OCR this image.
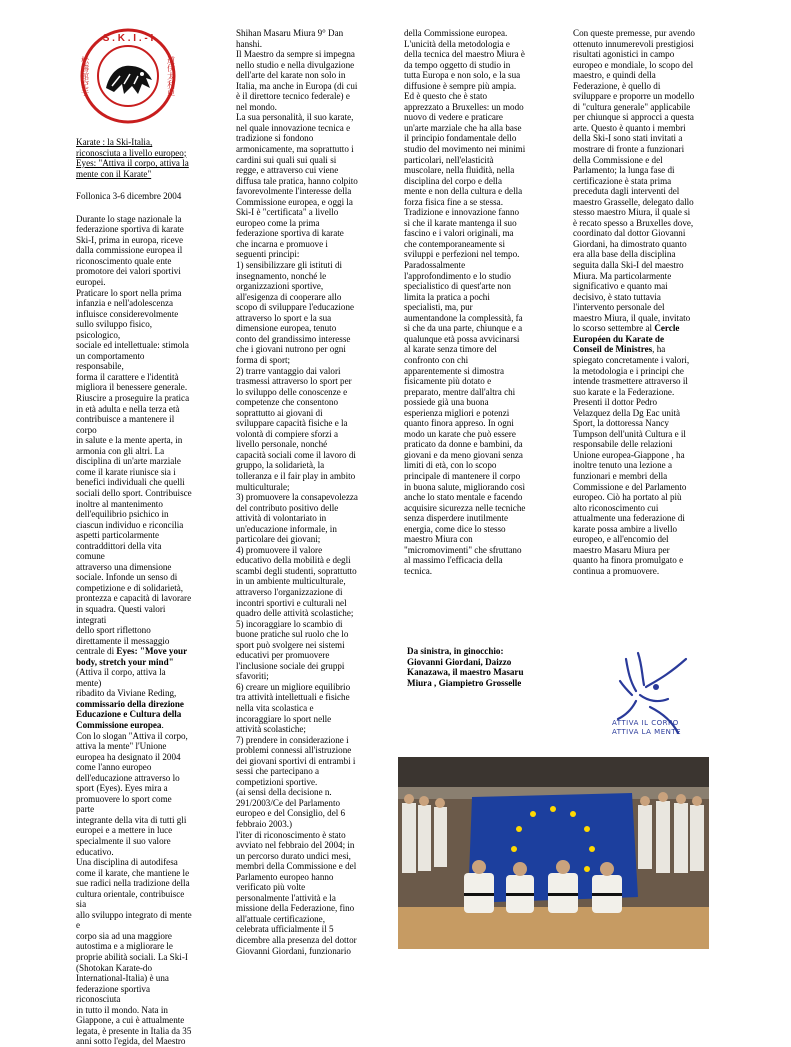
S . K . I . - I
松濤館空手	道伊太利亜
Karate : la Ski-Italia,
riconosciuta a livello europeo;
Eyes: "Attiva il corpo, attiva la
mente con il Karate"
Follonica 3-6 dicembre 2004
Durante lo stage nazionale la
federazione sportiva di karate
Ski-I, prima in europa, riceve
dalla commissione europea il
riconoscimento quale ente
promotore dei valori sportivi
europei.
Praticare lo sport nella prima
infanzia e nell'adolescenza
influisce considerevolmente
sullo sviluppo fisico, psicologico,
sociale ed intellettuale: stimola
un comportamento responsabile,
forma il carattere e l'identità
migliora il benessere generale.
Riuscire a proseguire la pratica
in età adulta e nella terza età
contribuisce a mantenere il corpo
in salute e la mente aperta, in
armonia con gli altri. La
disciplina di un'arte marziale
come il karate riunisce sia i
benefici individuali che quelli
sociali dello sport. Contribuisce
inoltre al mantenimento
dell'equilibrio psichico in
ciascun individuo e riconcilia
aspetti particolarmente
contraddittori della vita comune
attraverso una dimensione
sociale. Infonde un senso di
competizione e di solidarietà,
prontezza e capacità di lavorare
in squadra. Questi valori integrati
dello sport riflettono
direttamente il messaggio
centrale di Eyes: "Move your
body, stretch your mind"
(Attiva il corpo, attiva la mente)
ribadito da Viviane Reding,
commissario della direzione
Educazione e Cultura della
Commissione europea.
Con lo slogan "Attiva il corpo,
attiva la mente" l'Unione
europea ha designato il 2004
come l'anno europeo
dell'educazione attraverso lo
sport (Eyes). Eyes mira a
promuovere lo sport come parte
integrante della vita di tutti gli
europei e a mettere in luce
specialmente il suo valore
educativo.
Una disciplina di autodifesa
come il karate, che mantiene le
sue radici nella tradizione della
cultura orientale, contribuisce sia
allo sviluppo integrato di mente e
corpo sia ad una maggiore
autostima e a migliorare le
proprie abilità sociali. La Ski-I
(Shotokan Karate-do
International-Italia) è una
federazione sportiva riconosciuta
in tutto il mondo. Nata in
Giappone, a cui è attualmente
legata, è presente in Italia da 35
anni sotto l'egida, del Maestro
Shihan Masaru Miura 9° Dan
hanshi.
Il Maestro da sempre si impegna
nello studio e nella divulgazione
dell'arte del karate non solo in
Italia, ma anche in Europa (di cui
è il direttore tecnico federale) e
nel mondo.
La sua personalità, il suo karate,
nel quale innovazione tecnica e
tradizione si fondono
armonicamente, ma soprattutto i
cardini sui quali sui quali si
regge, e attraverso cui viene
diffusa tale pratica, hanno colpito
favorevolmente l'interesse della
Commissione europea, e oggi la
Ski-I è "certificata" a livello
europeo come la prima
federazione sportiva di karate
che incarna e promuove i
seguenti principi:
1) sensibilizzare gli istituti di
insegnamento, nonché le
organizzazioni sportive,
all'esigenza di cooperare allo
scopo di sviluppare l'educazione
attraverso lo sport e la sua
dimensione europea, tenuto
conto del grandissimo interesse
che i giovani nutrono per ogni
forma di sport;
2) trarre vantaggio dai valori
trasmessi attraverso lo sport per
lo sviluppo delle conoscenze e
competenze che consentono
soprattutto ai giovani di
sviluppare capacità fisiche e la
volontà di compiere sforzi a
livello personale, nonché
capacità sociali come il lavoro di
gruppo, la solidarietà, la
tolleranza e il fair play in ambito
multiculturale;
3) promuovere la consapevolezza
del contributo positivo delle
attività di volontariato in
un'educazione informale, in
particolare dei giovani;
4) promuovere il valore
educativo della mobilità e degli
scambi degli studenti, soprattutto
in un ambiente multiculturale,
attraverso l'organizzazione di
incontri sportivi e culturali nel
quadro delle attività scolastiche;
5) incoraggiare lo scambio di
buone pratiche sul ruolo che lo
sport può svolgere nei sistemi
educativi per promuovere
l'inclusione sociale dei gruppi
sfavoriti;
6) creare un migliore equilibrio
tra attività intellettuali e fisiche
nella vita scolastica e
incoraggiare lo sport nelle
attività scolastiche;
7) prendere in considerazione i
problemi connessi all'istruzione
dei giovani sportivi di entrambi i
sessi che partecipano a
competizioni sportive.
(ai sensi della decisione n.
291/2003/Ce del Parlamento
europeo e del Consiglio, del 6
febbraio 2003.)
l'iter di riconoscimento è stato
avviato nel febbraio del 2004; in
un percorso durato undici mesi,
membri della Commissione e del
Parlamento europeo hanno
verificato più volte
personalmente l'attività e la
missione della Federazione, fino
all'attuale certificazione,
celebrata ufficialmente il 5
dicembre alla presenza del dottor
Giovanni Giordani, funzionario
della Commissione europea.
L'unicità della metodologia e
della tecnica del maestro Miura è
da tempo oggetto di studio in
tutta Europa e non solo, e la sua
diffusione è sempre più ampia.
Ed è questo che è stato
apprezzato a Bruxelles: un modo
nuovo di vedere e praticare
un'arte marziale che ha alla base
il principio fondamentale dello
studio del movimento nei minimi
particolari, nell'elasticità
muscolare, nella fluidità, nella
disciplina del corpo e della
mente e non della cultura e della
forza fisica fine a se stessa.
Tradizione e innovazione fanno
sì che il karate mantenga il suo
fascino e i valori originali, ma
che contemporaneamente si
sviluppi e perfezioni nel tempo.
Paradossalmente
l'approfondimento e lo studio
specialistico di quest'arte non
limita la pratica a pochi
specialisti, ma, pur
aumentandone la complessità, fa
sì che da una parte, chiunque e a
qualunque età possa avvicinarsi
al karate senza timore del
confronto con chi
apparentemente si dimostra
fisicamente più dotato e
preparato, mentre dall'altra chi
possiede già una buona
esperienza migliori e potenzi
quanto finora appreso. In ogni
modo un karate che può essere
praticato da donne e bambini, da
giovani e da meno giovani senza
limiti di età, con lo scopo
principale di mantenere il corpo
in buona salute, migliorando così
anche lo stato mentale e facendo
acquisire sicurezza nelle tecniche
senza disperdere inutilmente
energia, come dice lo stesso
maestro Miura con
"micromovimenti" che sfruttano
al massimo l'efficacia della
tecnica.
Con queste premesse, pur avendo
ottenuto innumerevoli prestigiosi
risultati agonistici in campo
europeo e mondiale, lo scopo del
maestro, e quindi della
Federazione, è quello di
sviluppare e proporre un modello
di "cultura generale" applicabile
per chiunque si approcci a questa
arte. Questo è quanto i membri
della Ski-I sono stati invitati a
mostrare di fronte a funzionari
della Commissione e del
Parlamento; la lunga fase di
certificazione è stata prima
preceduta dagli interventi del
maestro Grasselle, delegato dallo
stesso maestro Miura, il quale si
è recato spesso a Bruxelles dove,
coordinato dal dottor Giovanni
Giordani, ha dimostrato quanto
era alla base della disciplina
seguita dalla Ski-I del maestro
Miura. Ma particolarmente
significativo e quanto mai
decisivo, è stato tuttavia
l'intervento personale del
maestro Miura, il quale, invitato
lo scorso settembre al Cercle
Européen du Karate de
Conseil de Ministres, ha
spiegato concretamente i valori,
la metodologia e i principi che
intende trasmettere attraverso il
suo karate e la Federazione.
Presenti il dottor Pedro
Velazquez della Dg Eac unità
Sport, la dottoressa Nancy
Tumpson dell'unità Cultura e il
responsabile delle relazioni
Unione europea-Giappone , ha
inoltre tenuto una lezione a
funzionari e membri della
Commissione e del Parlamento
europeo. Ciò ha portato al più
alto riconoscimento cui
attualmente una federazione di
karate possa ambire a livello
europeo, e all'encomio del
maestro Masaru Miura per
quanto ha finora promulgato e
continua a promuovere.
Da sinistra, in ginocchio:
Giovanni Giordani, Daizzo
Kanazawa, il maestro Masaru
Miura , Giampietro Grosselle
ATTIVA IL CORPO
ATTIVA LA MENTE
